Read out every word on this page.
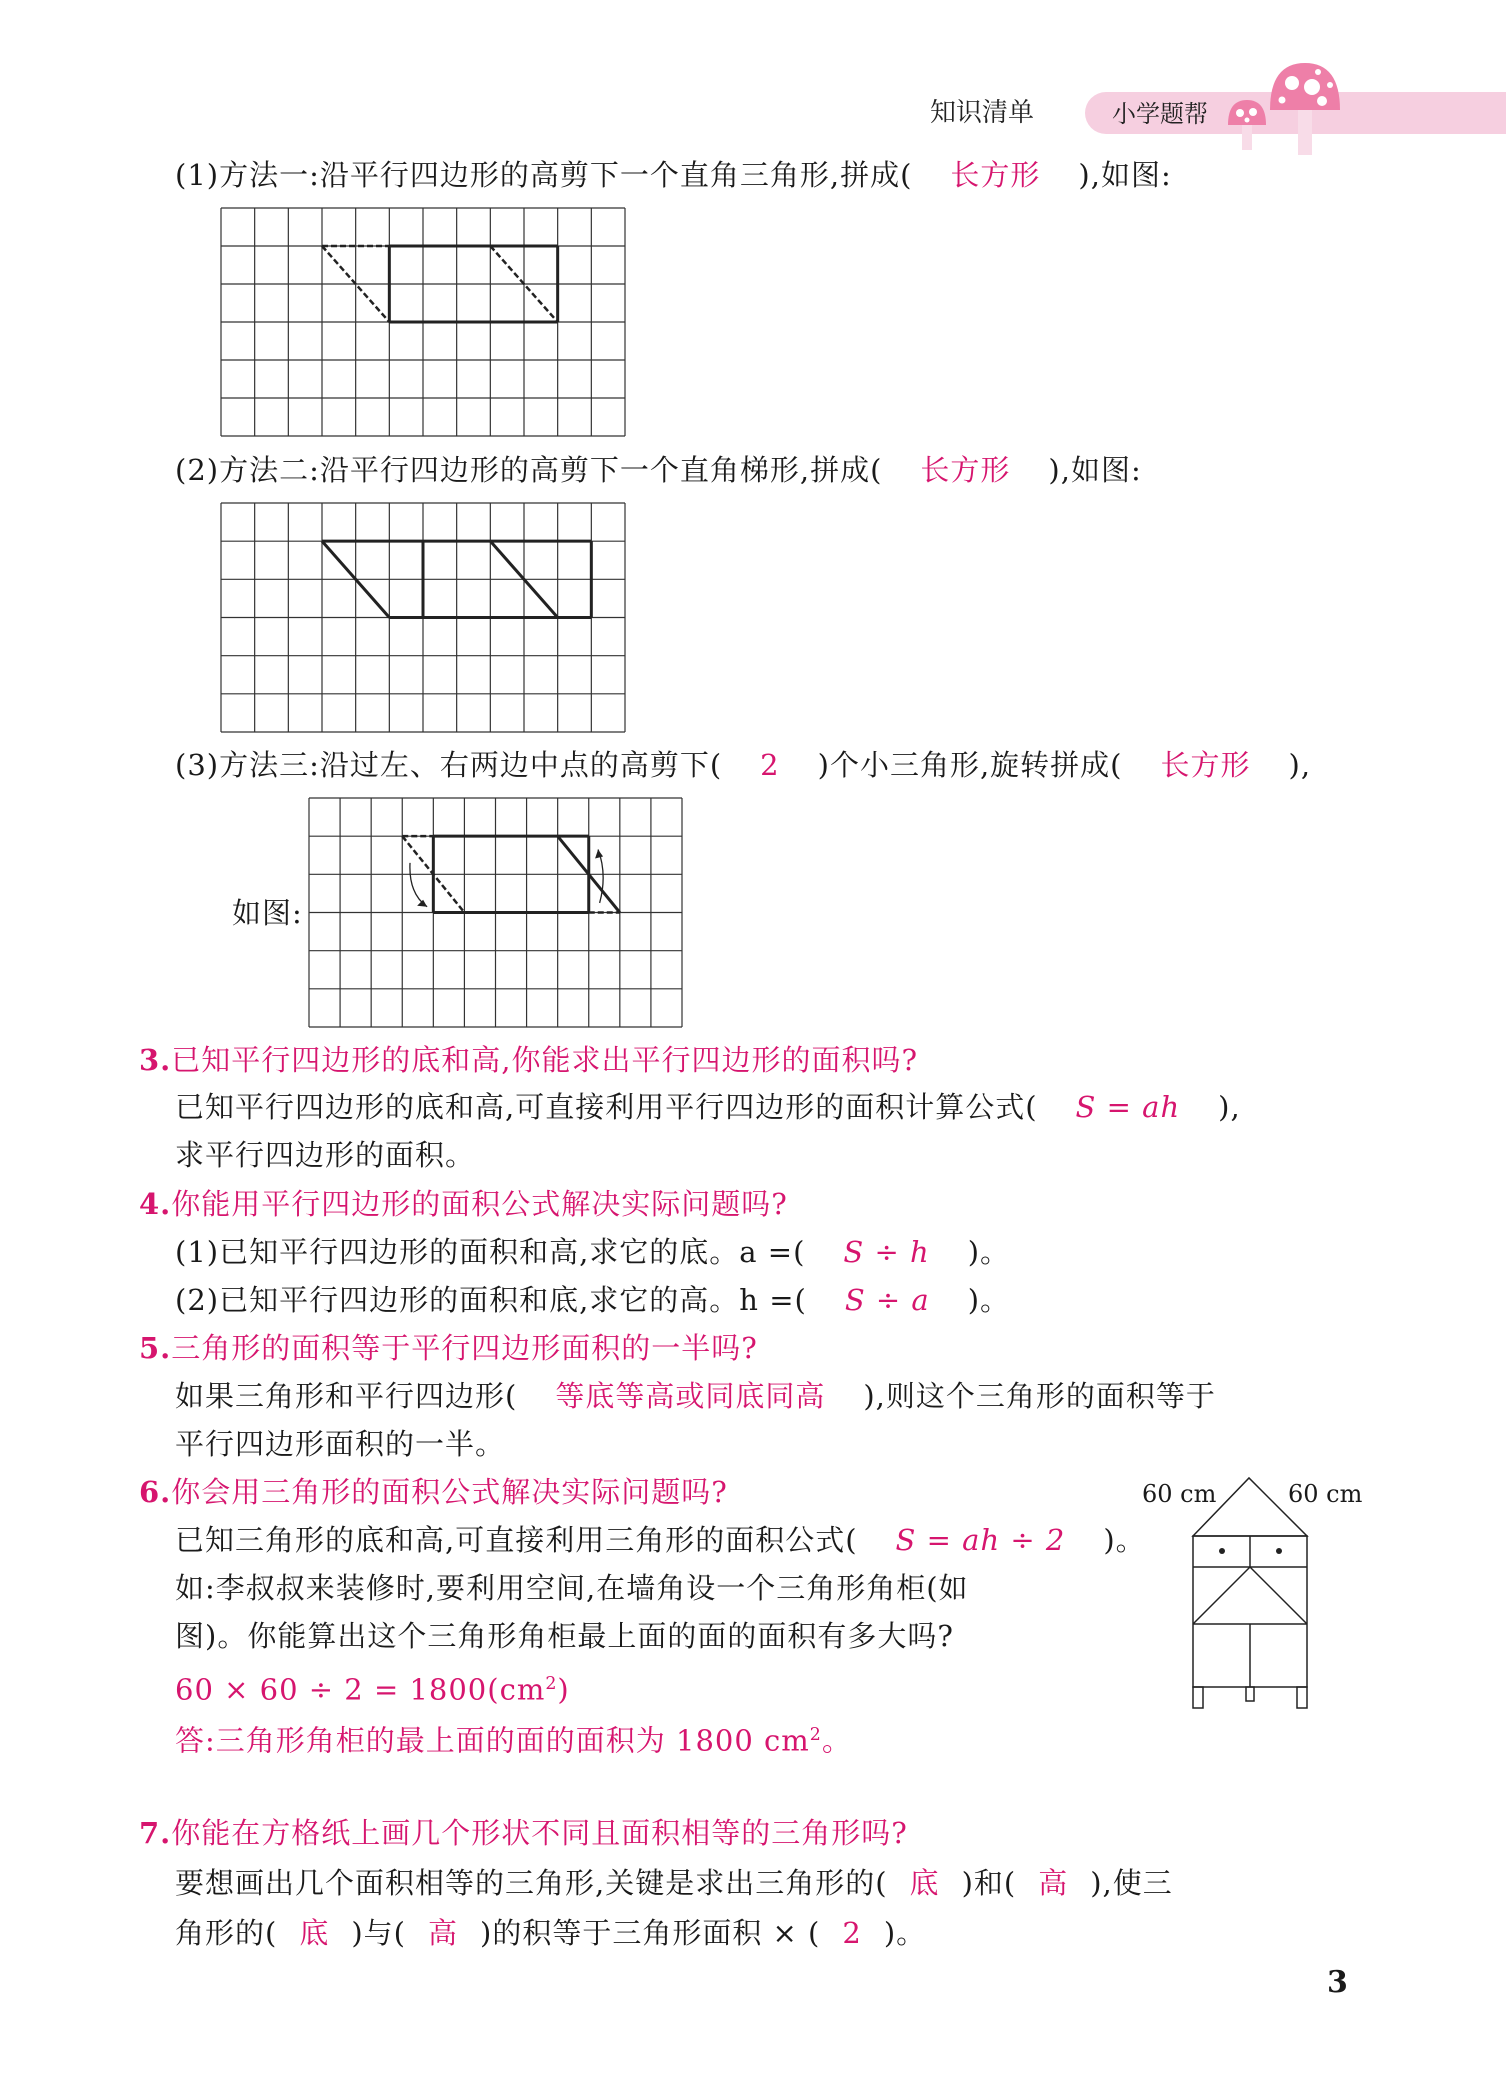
知识清单	小学题帮
(1)方法一:沿平行四边形的高剪下一个直角三角形,拼成( 长方形 ),如图:
(2)方法二:沿平行四边形的高剪下一个直角梯形,拼成( 长方形 ),如图:
(3)方法三:沿过左、右两边中点的高剪下( 2 )个小三角形,旋转拼成( 长方形 ),
如图:
3.已知平行四边形的底和高,你能求出平行四边形的面积吗?
已知平行四边形的底和高,可直接利用平行四边形的面积计算公式( S = ah ),
求平行四边形的面积。
4.你能用平行四边形的面积公式解决实际问题吗?
(1)已知平行四边形的面积和高,求它的底。a =( S ÷ h )。
(2)已知平行四边形的面积和底,求它的高。h =( S ÷ a )。
5.三角形的面积等于平行四边形面积的一半吗?
如果三角形和平行四边形( 等底等高或同底同高 ),则这个三角形的面积等于
平行四边形面积的一半。
6.你会用三角形的面积公式解决实际问题吗?
已知三角形的底和高,可直接利用三角形的面积公式( S = ah ÷ 2 )。
如:李叔叔来装修时,要利用空间,在墙角设一个三角形角柜(如
图)。你能算出这个三角形角柜最上面的面的面积有多大吗?
$60 \times 60 \div 2 = 1800(cm^2)$
答:三角形角柜的最上面的面的面积为 1800 $cm^2$。
60 cm	60 cm
7.你能在方格纸上画几个形状不同且面积相等的三角形吗?
要想画出几个面积相等的三角形,关键是求出三角形的( 底 )和( 高 ),使三
角形的( 底 )与( 高 )的积等于三角形面积 × ( 2 )。
3
